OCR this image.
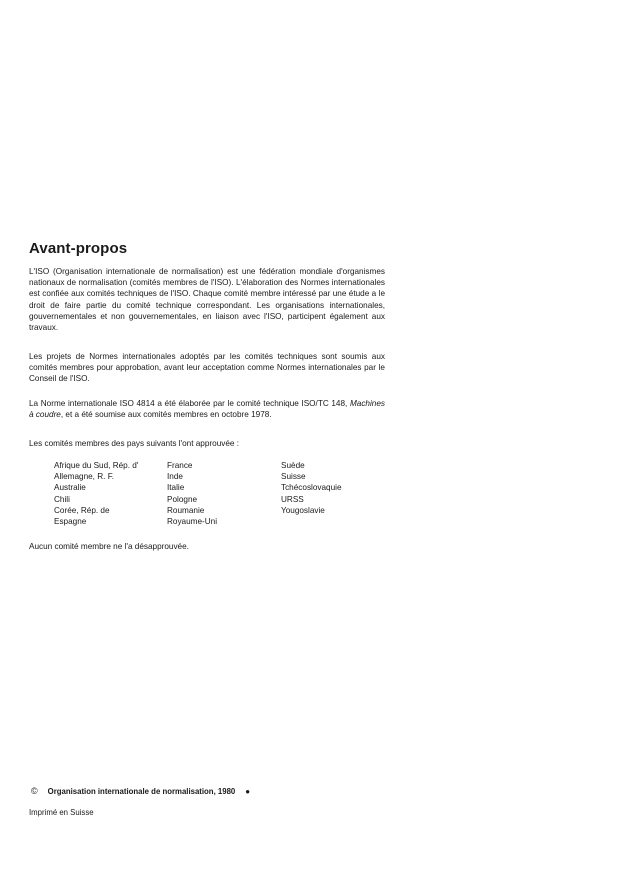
Avant-propos

L'ISO (Organisation internationale de normalisation) est une fédération mondiale d'organismes nationaux de normalisation (comités membres de l'ISO). L'élaboration des Normes internationales est confiée aux comités techniques de l'ISO. Chaque comité membre intéressé par une étude a le droit de faire partie du comité technique correspondant. Les organisations internationales, gouvernementales et non gouvernementales, en liaison avec l'ISO, participent également aux travaux.

Les projets de Normes internationales adoptés par les comités techniques sont soumis aux comités membres pour approbation, avant leur acceptation comme Normes internationales par le Conseil de l'ISO.

La Norme internationale ISO 4814 a été élaborée par le comité technique ISO/TC 148, Machines à coudre, et a été soumise aux comités membres en octobre 1978.

Les comités membres des pays suivants l'ont approuvée :

Afrique du Sud, Rép. d'
Allemagne, R. F.
Australie
Chili
Corée, Rép. de
Espagne
France
Inde
Italie
Pologne
Roumanie
Royaume-Uni
Suède
Suisse
Tchécoslovaquie
URSS
Yougoslavie

Aucun comité membre ne l'a désapprouvée.

© Organisation internationale de normalisation, 1980 ●

Imprimé en Suisse
